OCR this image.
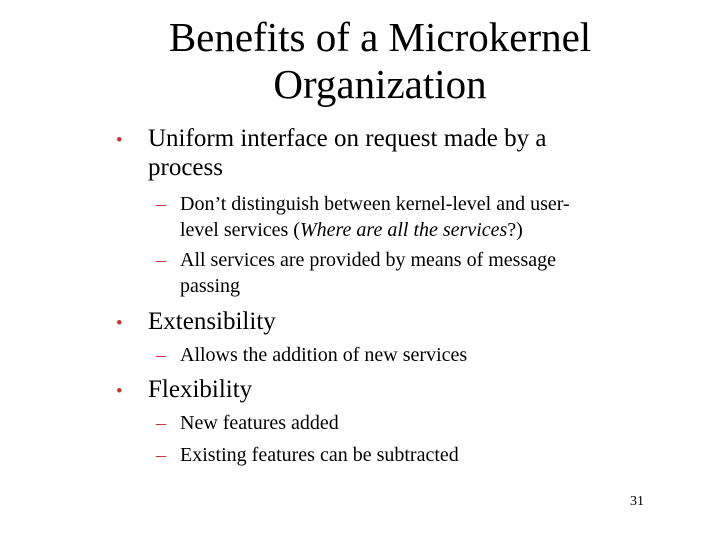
Benefits of a Microkernel
Organization
• Uniform interface on request made by a
process
– Don’t distinguish between kernel-level and user-
level services (Where are all the services?)
– All services are provided by means of message
passing
• Extensibility
– Allows the addition of new services
• Flexibility
– New features added
– Existing features can be subtracted
31
